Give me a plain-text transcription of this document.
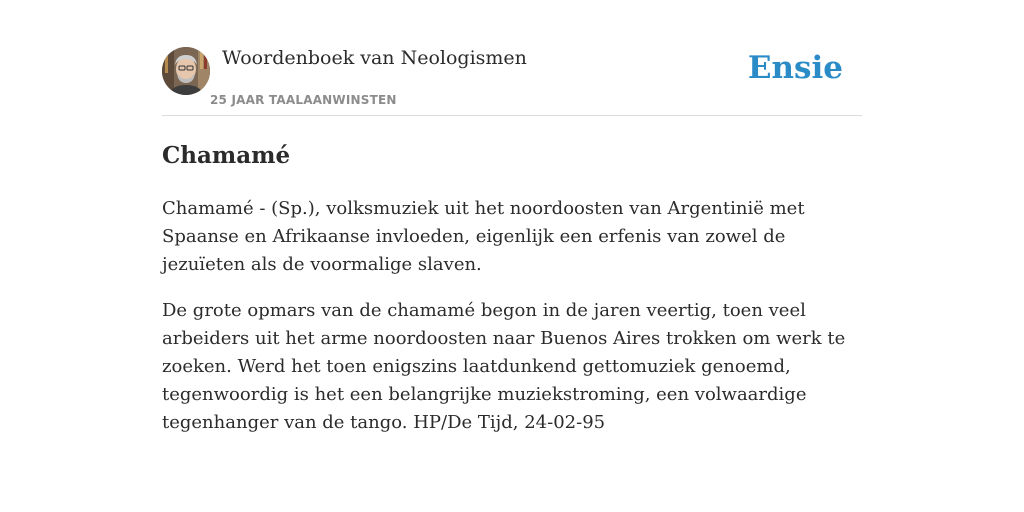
Woordenboek van Neologismen
25 JAAR TAALAANWINSTEN
Ensie
Chamamé

Chamamé - (Sp.), volksmuziek uit het noordoosten van Argentinië met Spaanse en Afrikaanse invloeden, eigenlijk een erfenis van zowel de jezuïeten als de voormalige slaven.

De grote opmars van de chamamé begon in de jaren veertig, toen veel arbeiders uit het arme noordoosten naar Buenos Aires trokken om werk te zoeken. Werd het toen enigszins laatdunkend gettomuziek genoemd, tegenwoordig is het een belangrijke muziekstroming, een volwaardige tegenhanger van de tango. HP/De Tijd, 24-02-95
